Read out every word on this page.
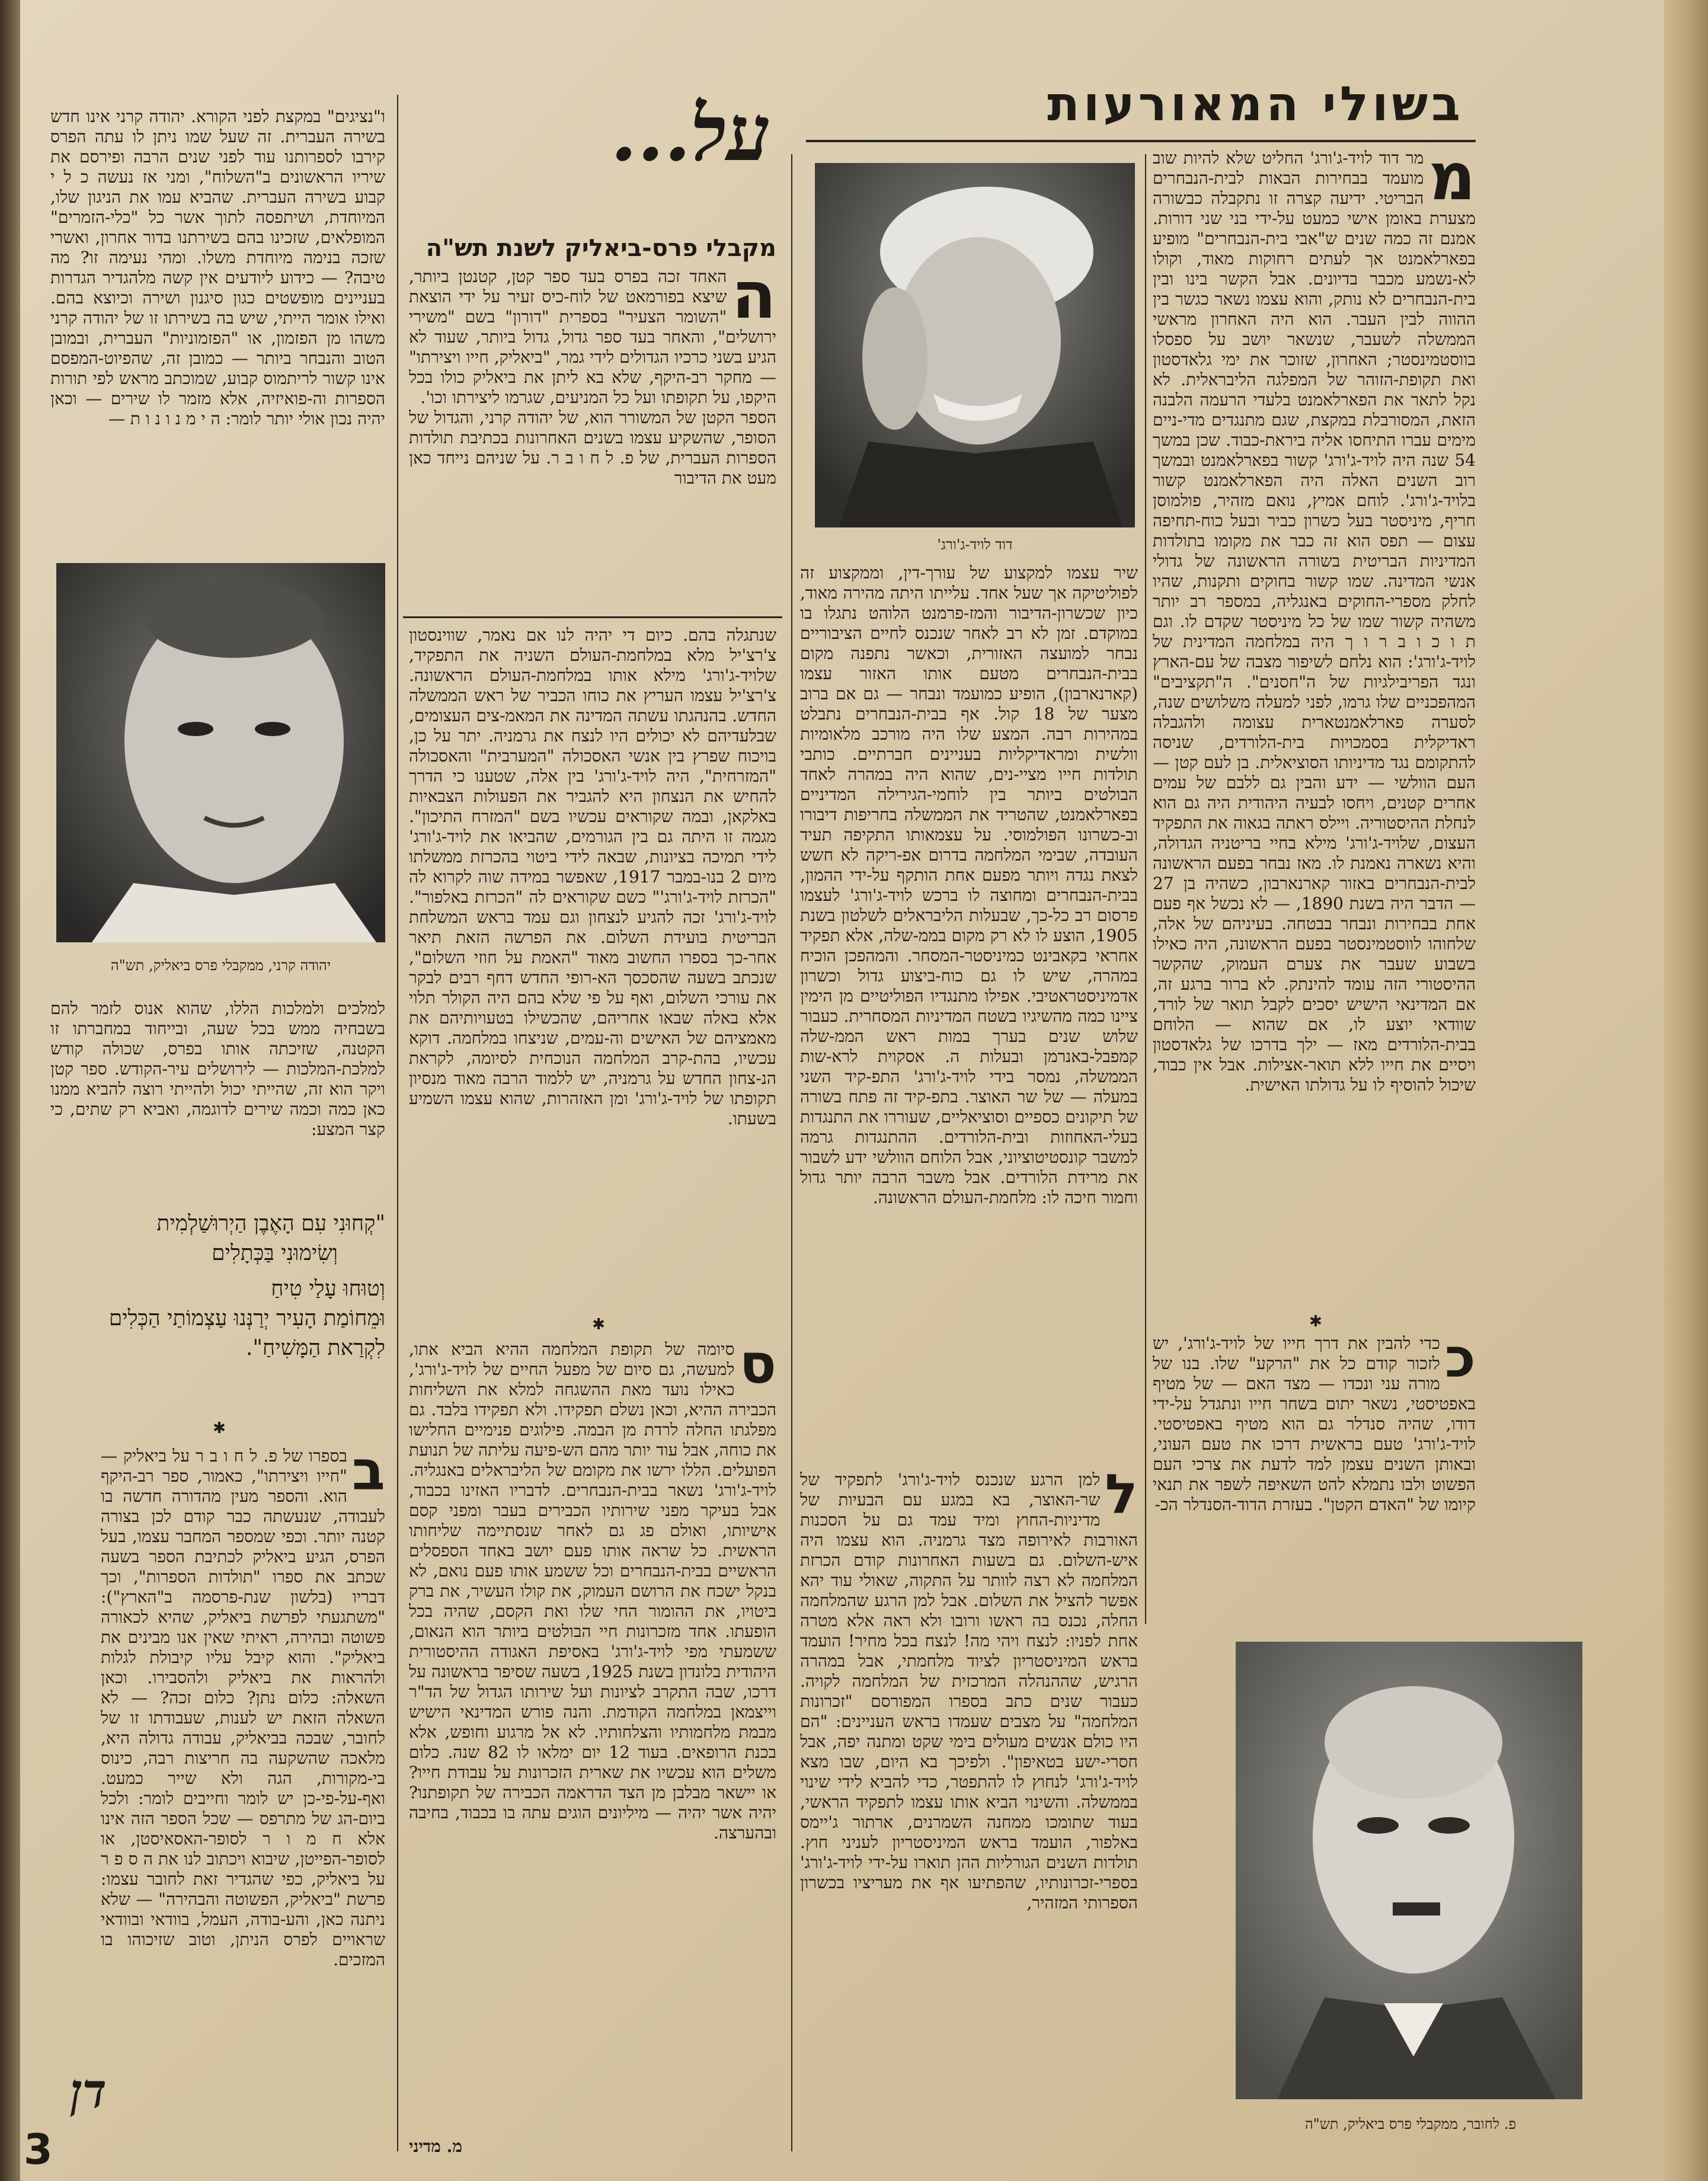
בשולי המאורעות
מ
מר דוד לויד-ג'ורג' החליט שלא להיות שוב מועמד בבחירות הבאות לבית-הנבחרים הבריטי. ידיעה קצרה זו נתקבלה כבשורה מצערת באומן אישי כמעט על-ידי בני שני דורות. אמנם זה כמה שנים ש"אבי בית-הנבחרים" מופיע בפארלאמנט אך לעתים רחוקות מאוד, וקולו לא-נשמע מכבר בדיונים. אבל הקשר בינו ובין בית-הנבחרים לא נותק, והוא עצמו נשאר כגשר בין ההווה לבין העבר. הוא היה האחרון מראשי הממשלה לשעבר, שנשאר יושב על ספסלו בווסטמינסטר; האחרון, שזוכר את ימי גלאדסטון ואת תקופת-הזוהר של המפלגה הליבראלית. לא נקל לתאר את הפארלאמנט בלעדי הרעמה הלבנה הזאת, המסורבלת במקצת, שגם מתנגדים מדי-ניים מימים עברו התיחסו אליה ביראת-כבוד. שכן במשך 54 שנה היה לויד-ג'ורג' קשור בפארלאמנט ובמשך רוב השנים האלה היה הפארלאמנט קשור בלויד-ג'ורג'. לוחם אמיץ, נואם מזהיר, פולמוסן חריף, מיניסטר בעל כשרון כביר ובעל כוח-תחיפה עצום — תפס הוא זה כבר את מקומו בתולדות המדיניות הבריטית בשורה הראשונה של גדולי אנשי המדינה. שמו קשור בחוקים ותקנות, שהיו לחלק מספרי-החוקים באנגליה, במספר רב יותר משהיה קשור שמו של כל מיניסטר שקדם לו. וגם ת ו כ ו ב ר ו ך היה במלחמה המדינית של לויד-ג'ורג': הוא נלחם לשיפור מצבה של עם-הארץ ונגד הפריבילגיות של ה"חסנים". ה"תקציבים" המהפכניים שלו גרמו, לפני למעלה משלושים שנה, לסערה פארלאמנטארית עצומה ולהגבלה ראדיקלית בסמכויות בית-הלורדים, שניסה להתקומם נגד מדיניותו הסוציאלית. בן לעם קטן — העם הוולשי — ידע והבין גם ללבם של עמים אחרים קטנים, ויחסו לבעיה היהודית היה גם הוא לנחלת ההיסטוריה. ויילס ראתה בגאוה את התפקיד העצום, שלויד-ג'ורג' מילא בחיי בריטניה הגדולה, והיא נשארה נאמנת לו. מאז נבחר בפעם הראשונה לבית-הנבחרים באזור קארנארבון, כשהיה בן 27 — הדבר היה בשנת 1890, — לא נכשל אף פעם אחת בבחירות ונבחר בבטחה. בעיניהם של אלה, שלחוהו לווסטמינסטר בפעם הראשונה, היה כאילו בשבוע שעבר את צערם העמוק, שהקשר ההיסטורי הזה עומד להינתק. לא ברור ברגע זה, אם המדינאי הישיש יסכים לקבל תואר של לורד, שוודאי יוצע לו, אם שהוא — הלוחם בבית-הלורדים מאז — ילך בדרכו של גלאדסטון ויסיים את חייו ללא תואר-אצילות. אבל אין כבוד, שיכול להוסיף לו על גדולתו האישית.
✱
כ
כדי להבין את דרך חייו של לויד-ג'ורג', יש לזכור קודם כל את "הרקע" שלו. בנו של מורה עני ונכדו — מצד האם — של מטיף באפטיסטי, נשאר יתום בשחר חייו ונתגדל על-ידי דודו, שהיה סנדלר גם הוא מטיף באפטיסטי. לויד-ג'ורג' טעם בראשית דרכו את טעם העוני, ובאותן השנים עצמן למד לדעת את צרכי העם הפשוט ולבו נתמלא להט השאיפה לשפר את תנאי קיומו של "האדם הקטן". בעזרת הדוד-הסנדלר הכ-
פ. לחובר, ממקבלי פרס ביאליק, תש"ה
דוד לויד-ג'ורג'
שיר עצמו למקצוע של עורך-דין, וממקצוע זה לפוליטיקה אך שעל אחד. עלייתו היתה מהירה מאוד, כיון שכשרון-הדיבור והמז-פרמנט הלוהט נתגלו בו במוקדם. זמן לא רב לאחר שנכנס לחיים הציבוריים נבחר למועצה האזורית, וכאשר נתפנה מקום בבית-הנבחרים מטעם אותו האזור עצמו (קארנארבון), הופיע כמועמד ונבחר — גם אם ברוב מצער של 18 קול. אף בבית-הנבחרים נתבלט במהירות רבה. המצע שלו היה מורכב מלאומיות וולשית ומראדיקליות בעניינים חברתיים. כותבי תולדות חייו מציי-נים, שהוא היה במהרה לאחד הבולטים ביותר בין לוחמי-הגירילה המדיניים בפארלאמנט, שהטריד את הממשלה בחריפות דיבורו וב-כשרונו הפולמוסי. על עצמאותו התקיפה תעיד העובדה, שבימי המלחמה בדרום אפ-ריקה לא חשש לצאת נגדה ויותר מפעם אחת הותקף על-ידי ההמון, בבית-הנבחרים ומחוצה לו ברכש לויד-ג'ורג' לעצמו פרסום רב כל-כך, שבעלות הליבראלים לשלטון בשנת 1905, הוצע לו לא רק מקום בממ-שלה, אלא תפקיד אחראי בקאבינט כמיניסטר-המסחר. והמהפכן הוכיח במהרה, שיש לו גם כוח-ביצוע גדול וכשרון אדמיניסטראטיבי. אפילו מתנגדיו הפוליטיים מן הימין ציינו כמה מהשיגיו בשטח המדיניות המסחרית. כעבור שלוש שנים בערך במות ראש הממ-שלה קמפבל-באנרמן ובעלות ה. אסקוית לרא-שות הממשלה, נמסר בידי לויד-ג'ורג' התפ-קיד השני במעלה — של שר האוצר. בתפ-קיד זה פתח בשורה של תיקונים כספיים וסוציאליים, שעוררו את התנגדות בעלי-האחוזות ובית-הלורדים. ההתנגדות גרמה למשבר קונסטיטוציוני, אבל הלוחם הוולשי ידע לשבור את מרידת הלורדים. אבל משבר הרבה יותר גדול וחמור חיכה לו: מלחמת-העולם הראשונה.
ל
למן הרגע שנכנס לויד-ג'ורג' לתפקיד של שר-האוצר, בא במגע עם הבעיות של מדיניות-החוץ ומיד עמד גם על הסכנות האורבות לאירופה מצד גרמניה. הוא עצמו היה איש-השלום. גם בשעות האחרונות קודם הכרזת המלחמה לא רצה לוותר על התקוה, שאולי עוד יהא אפשר להציל את השלום. אבל למן הרגע שהמלחמה החלה, נכנס בה ראשו ורובו ולא ראה אלא מטרה אחת לפניו: לנצח ויהי מה! לנצח בכל מחיר! הועמד בראש המיניסטריון לציוד מלחמתי, אבל במהרה הרגיש, שההנהלה המרכזית של המלחמה לקויה. כעבור שנים כתב בספרו המפורסם "זכרונות המלחמה" על מצבים שעמדו בראש העניינים: "הם היו כולם אנשים מעולים בימי שקט ומתנה יפה, אבל חסרי-ישע בטאיפון". ולפיכך בא היום, שבו מצא לויד-ג'ורג' לנחוץ לו להתפטר, כדי להביא לידי שינוי בממשלה. והשינוי הביא אותו עצמו לתפקיד הראשי, בעוד שתומכו ממחנה השמרנים, ארתור ג'יימס באלפור, הועמד בראש המיניסטריון לעניני חוץ. תולדות השנים הגורליות ההן תוארו על-ידי לויד-ג'ורג' בספרי-זכרונותיו, שהפתיעו אף את מעריציו בכשרון הספרותי המזהיר,
על...
מקבלי פרס-ביאליק לשנת תש"ה
ה
האחד זכה בפרס בעד ספר קטן, קטנטן ביותר, שיצא בפורמאט של לוח-כיס זעיר על ידי הוצאת "השומר הצעיר" בספרית "דורון" בשם "משירי ירושלים", והאחר בעד ספר גדול, גדול ביותר, שעוד לא הגיע בשני כרכיו הגדולים לידי גמר, "ביאליק, חייו ויצירתו" — מחקר רב-היקף, שלא בא ליתן את ביאליק כולו בכל היקפו, על תקופתו ועל כל המניעים, שגרמו ליצירתו וכו'.
הספר הקטן של המשורר הוא, של יהודה קרני, והגדול של הסופר, שהשקיע עצמו בשנים האחרונות בכתיבת תולדות הספרות העברית, של פ. ל ח ו ב ר. על שניהם נייחד כאן מעט את הדיבור
שנתגלה בהם. כיום די יהיה לנו אם נאמר, שווינסטון צ'רצ'יל מלא במלחמת-העולם השניה את התפקיד, שלויד-ג'ורג' מילא אותו במלחמת-העולם הראשונה. צ'רצ'יל עצמו העריץ את כוחו הכביר של ראש הממשלה החדש. בהנהגתו עשתה המדינה את המאמ-צים העצומים, שבלעדיהם לא יכולים היו לנצח את גרמניה. יתר על כן, בויכוח שפרץ בין אנשי האסכולה "המערבית" והאסכולה "המזרחית", היה לויד-ג'ורג' בין אלה, שטענו כי הדרך להחיש את הנצחון היא להגביר את הפעולות הצבאיות באלקאן, ובמה שקוראים עכשיו בשם "המזרח התיכון". מגמה זו היתה גם בין הגורמים, שהביאו את לויד-ג'ורג' לידי תמיכה בציונות, שבאה לידי ביטוי בהכרזת ממשלתו מיום 2 בנו-במבר 1917, שאפשר במידה שוה לקרוא לה "הכרזת לויד-ג'ורג'" כשם שקוראים לה "הכרזת באלפור". לויד-ג'ורג' זכה להגיע לנצחון וגם עמד בראש המשלחת הבריטית בועידת השלום. את הפרשה הזאת תיאר אחר-כך בספרו החשוב מאוד "האמת על חוזי השלום", שנכתב בשעה שהסכסך הא-רופי החדש דחף רבים לבקר את עורכי השלום, ואף על פי שלא בהם היה הקולר תלוי אלא באלה שבאו אחריהם, שהכשילו בטעויותיהם את מאמציהם של האישים וה-עמים, שניצחו במלחמה. דוקא עכשיו, בהת-קרב המלחמה הנוכחית לסיומה, לקראת הנ-צחון החדש על גרמניה, יש ללמוד הרבה מאוד מנסיון תקופתו של לויד-ג'ורג' ומן האזהרות, שהוא עצמו השמיע בשעתו.
✱
ס
סיומה של תקופת המלחמה ההיא הביא אתו, למעשה, גם סיום של מפעל החיים של לויד-ג'ורג', כאילו נועד מאת ההשגחה למלא את השליחות הכבירה ההיא, וכאן נשלם תפקידו. ולא תפקידו בלבד. גם מפלגתו החלה לרדת מן הבמה. פילוגים פנימיים החלישו את כוחה, אבל עוד יותר מהם הש-פיעה עליתה של תנועת הפועלים. הללו ירשו את מקומם של הליבראלים באנגליה. לויד-ג'ורג' נשאר בבית-הנבחרים. לדבריו האזינו בכבוד, אבל בעיקר מפני שירותיו הכבירים בעבר ומפני קסם אישיותו, ואולם פג גם לאחר שנסתיימה שליחותו הראשית. כל שראה אותו פעם יושב באחד הספסלים הראשיים בבית-הנבחרים וכל ששמע אותו פעם נואם, לא בנקל ישכח את הרושם העמוק, את קולו העשיר, את ברק ביטויו, את ההומור החי שלו ואת הקסם, שהיה בכל הופעתו. אחד מזכרונות חיי הבולטים ביותר הוא הנאום, ששמעתי מפי לויד-ג'ורג' באסיפת האגודה ההיסטורית היהודית בלונדון בשנת 1925, בשעה שסיפר בראשונה על דרכו, שבה התקרב לציונות ועל שירותו הגדול של הד"ר וייצמאן במלחמה הקודמת. והנה פורש המדינאי הישיש מבמת מלחמותיו והצלחותיו. לא אל מרגוע וחופש, אלא בכנת הרופאים. בעוד 12 יום ימלאו לו 82 שנה. כלום משלים הוא עכשיו את שארית הזכרונות על עבודת חייו? או יישאר מבלבן מן הצד הדראמה הכבירה של תקופתנו? יהיה אשר יהיה — מיליונים הוגים עתה בו בכבוד, בחיבה ובהערצה.
מ. מדיני
ו"נציגים" במקצת לפני הקורא. יהודה קרני אינו חדש בשירה העברית. זה שעל שמו ניתן לו עתה הפרס קירבו לספרותנו עוד לפני שנים הרבה ופירסם את שיריו הראשונים ב"השלוח", ומני אז נעשה כ ל י קבוע בשירה העברית. שהביא עמו את הניגון שלו, המיוחדת, ושיתפסה לתוך אשר כל "כלי-הזמרים" המופלאים, שזכינו בהם בשירתנו בדור אחרון, ואשרי שזכה בנימה מיוחדת משלו. ומהי נעימה זו? מה טיבה? — כידוע ליודעים אין קשה מלהגדיר הגדרות בעניינים מופשטים כגון סיגנון ושירה וכיוצא בהם. ואילו אומר הייתי, שיש בה בשירתו זו של יהודה קרני משהו מן הפזמון, או "הפזמוניות" העברית, ובמובן הטוב והנבחר ביותר — כמובן זה, שהפיוט-המפסם אינו קשור לריתמוס קבוע, שמוכתב מראש לפי תורות הספרות וה-פואיזיה, אלא מזמר לו שירים — וכאן יהיה נכון אולי יותר לומר: ה י מ נ ו נ ו ת —
יהודה קרני, ממקבלי פרס ביאליק, תש"ה
למלכים ולמלכות הללו, שהוא אנוס לזמר להם בשבחיה ממש בכל שעה, ובייחוד במחברתו זו הקטנה, שזיכתה אותו בפרס, שכולה קודש למלכת-המלכות — לירושלים עיר-הקודש. ספר קטן ויקר הוא זה, שהייתי יכול ולהייתי רוצה להביא ממנו כאן כמה וכמה שירים לדוגמה, ואביא רק שתים, כי קצר המצע:
"קְחוּנִי עִם הָאֶבֶן הַיְרוּשַׁלְמִית
וְשִׂימוּנִי בַּכְּתָלִים
וְטוּחוּ עָלַי טִיחַ
וּמֵחוֹמַת הָעִיר יְרַנְּנוּ עַצְמוֹתַי הַכְּלִים
לִקְרַאת הַמָּשִׁיחַ".
✱
ב
בספרו של פ. ל ח ו ב ר על ביאליק — "חייו ויצירתו", כאמור, ספר רב-היקף הוא. והספר מעין מהדורה חדשה בו לעבודה, שנעשתה כבר קודם לכן בצורה קטנה יותר. וכפי שמספר המחבר עצמו, בעל הפרס, הגיע ביאליק לכתיבת הספר בשעה שכתב את ספרו "תולדות הספרות", וכך דבריו (בלשון שנת-פרסמה ב"הארץ"): "משתגעתי לפרשת ביאליק, שהיא לכאורה פשוטה ובהירה, ראיתי שאין אנו מבינים את ביאליק". והוא קיבל עליו קיבולת לגלות ולהראות את ביאליק ולהסבירו. וכאן השאלה: כלום נתן? כלום זכה? — לא השאלה הזאת יש לענות, שעבודתו זו של לחובר, שבכה בביאליק, עבודה גדולה היא, מלאכה שהשקעה בה חריצות רבה, כינוס בי-מקורות, הגה ולא שייר כמעט. ואף-על-פי-כן יש לומר וחייבים לומר: ולכל ביום-הג של מתרפס — שכל הספר הזה אינו אלא ח מ ו ר לסופר-האסאיסטן, או לסופר-הפייטן, שיבוא ויכתוב לנו את ה ס פ ר על ביאליק, כפי שהגדיר זאת לחובר עצמו: פרשת "ביאליק, הפשוטה והבהירה" — שלא ניתנה כאן, והע-בודה, העמל, בוודאי ובוודאי שראויים לפרס הניתן, וטוב שזיכוהו בו המזכים.
דן
3
